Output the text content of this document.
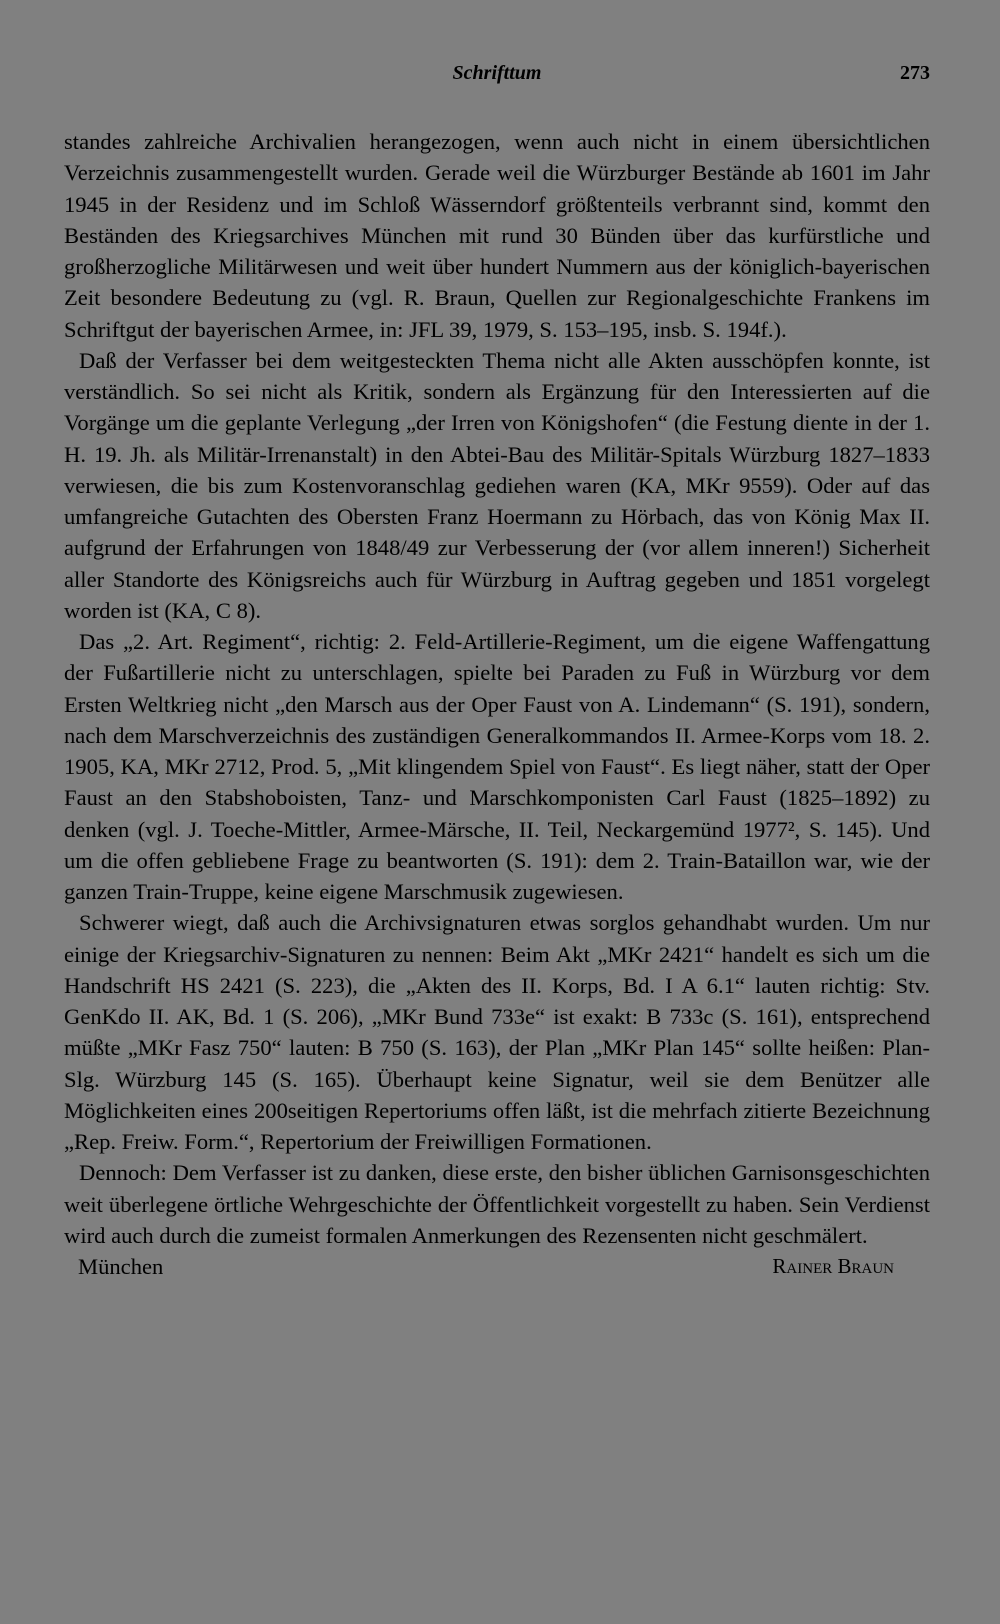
Schrifttum	273

standes zahlreiche Archivalien herangezogen, wenn auch nicht in einem übersichtlichen Verzeichnis zusammengestellt wurden. Gerade weil die Würzburger Bestände ab 1601 im Jahr 1945 in der Residenz und im Schloß Wässerndorf größtenteils verbrannt sind, kommt den Beständen des Kriegsarchives München mit rund 30 Bünden über das kurfürstliche und großherzogliche Militärwesen und weit über hundert Nummern aus der königlich-bayerischen Zeit besondere Bedeutung zu (vgl. R. Braun, Quellen zur Regionalgeschichte Frankens im Schriftgut der bayerischen Armee, in: JFL 39, 1979, S. 153–195, insb. S. 194f.).

Daß der Verfasser bei dem weitgesteckten Thema nicht alle Akten ausschöpfen konnte, ist verständlich. So sei nicht als Kritik, sondern als Ergänzung für den Interessierten auf die Vorgänge um die geplante Verlegung „der Irren von Königshofen“ (die Festung diente in der 1. H. 19. Jh. als Militär-Irrenanstalt) in den Abtei-Bau des Militär-Spitals Würzburg 1827–1833 verwiesen, die bis zum Kostenvoranschlag gediehen waren (KA, MKr 9559). Oder auf das umfangreiche Gutachten des Obersten Franz Hoermann zu Hörbach, das von König Max II. aufgrund der Erfahrungen von 1848/49 zur Verbesserung der (vor allem inneren!) Sicherheit aller Standorte des Königsreichs auch für Würzburg in Auftrag gegeben und 1851 vorgelegt worden ist (KA, C 8).

Das „2. Art. Regiment“, richtig: 2. Feld-Artillerie-Regiment, um die eigene Waffengattung der Fußartillerie nicht zu unterschlagen, spielte bei Paraden zu Fuß in Würzburg vor dem Ersten Weltkrieg nicht „den Marsch aus der Oper Faust von A. Lindemann“ (S. 191), sondern, nach dem Marschverzeichnis des zuständigen Generalkommandos II. Armee-Korps vom 18. 2. 1905, KA, MKr 2712, Prod. 5, „Mit klingendem Spiel von Faust“. Es liegt näher, statt der Oper Faust an den Stabshoboisten, Tanz- und Marschkomponisten Carl Faust (1825–1892) zu denken (vgl. J. Toeche-Mittler, Armee-Märsche, II. Teil, Neckargemünd 1977², S. 145). Und um die offen gebliebene Frage zu beantworten (S. 191): dem 2. Train-Bataillon war, wie der ganzen Train-Truppe, keine eigene Marschmusik zugewiesen.

Schwerer wiegt, daß auch die Archivsignaturen etwas sorglos gehandhabt wurden. Um nur einige der Kriegsarchiv-Signaturen zu nennen: Beim Akt „MKr 2421“ handelt es sich um die Handschrift HS 2421 (S. 223), die „Akten des II. Korps, Bd. I A 6.1“ lauten richtig: Stv. GenKdo II. AK, Bd. 1 (S. 206), „MKr Bund 733e“ ist exakt: B 733c (S. 161), entsprechend müßte „MKr Fasz 750“ lauten: B 750 (S. 163), der Plan „MKr Plan 145“ sollte heißen: Plan-Slg. Würzburg 145 (S. 165). Überhaupt keine Signatur, weil sie dem Benützer alle Möglichkeiten eines 200seitigen Repertoriums offen läßt, ist die mehrfach zitierte Bezeichnung „Rep. Freiw. Form.“, Repertorium der Freiwilligen Formationen.

Dennoch: Dem Verfasser ist zu danken, diese erste, den bisher üblichen Garnisonsgeschichten weit überlegene örtliche Wehrgeschichte der Öffentlichkeit vorgestellt zu haben. Sein Verdienst wird auch durch die zumeist formalen Anmerkungen des Rezensenten nicht geschmälert.

München	Rainer Braun
